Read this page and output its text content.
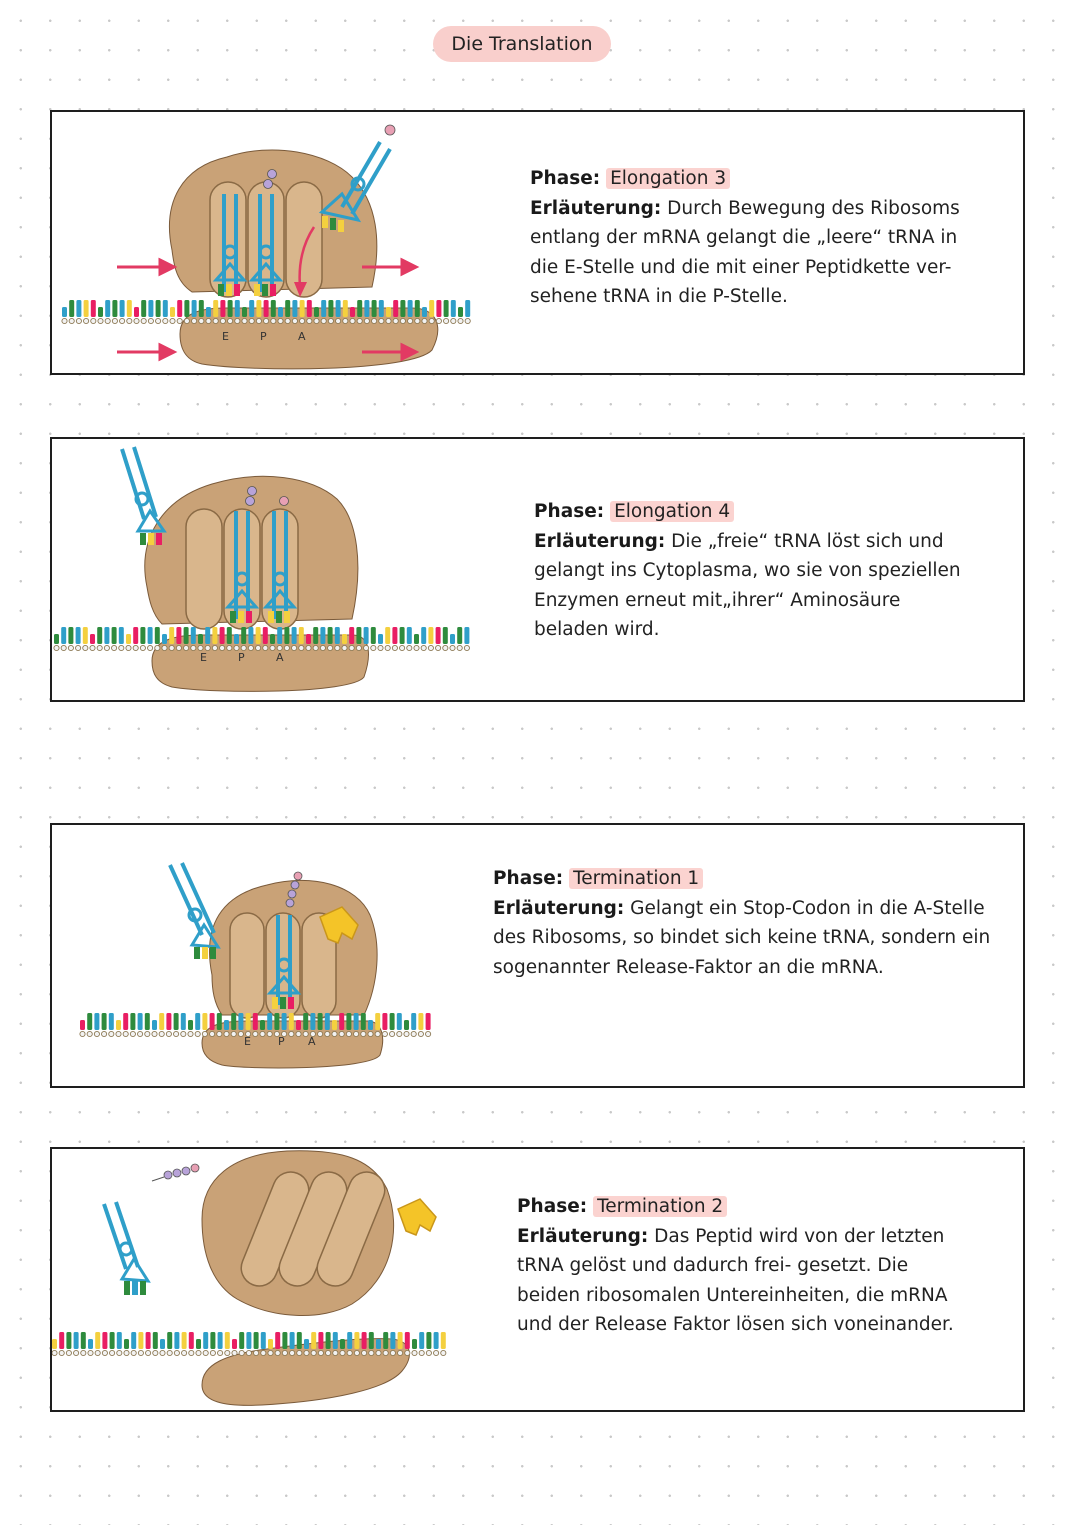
Die Translation
E	P	A
Phase: Elongation 3
Erläuterung: Durch Bewegung des Ribosoms
entlang der mRNA gelangt die „leere“ tRNA in
die E-Stelle und die mit einer Peptidkette ver-
sehene tRNA in die P-Stelle.
E	P	A
Phase: Elongation 4
Erläuterung: Die „freie“ tRNA löst sich und
gelangt ins Cytoplasma, wo sie von speziellen
Enzymen erneut mit„ihrer“ Aminosäure
beladen wird.
E P A
Phase: Termination 1
Erläuterung: Gelangt ein Stop-Codon in die A-Stelle
des Ribosoms, so bindet sich keine tRNA, sondern ein
sogenannter Release-Faktor an die mRNA.
Phase: Termination 2
Erläuterung: Das Peptid wird von der letzten
tRNA gelöst und dadurch frei- gesetzt. Die
beiden ribosomalen Untereinheiten, die mRNA
und der Release Faktor lösen sich voneinander.
